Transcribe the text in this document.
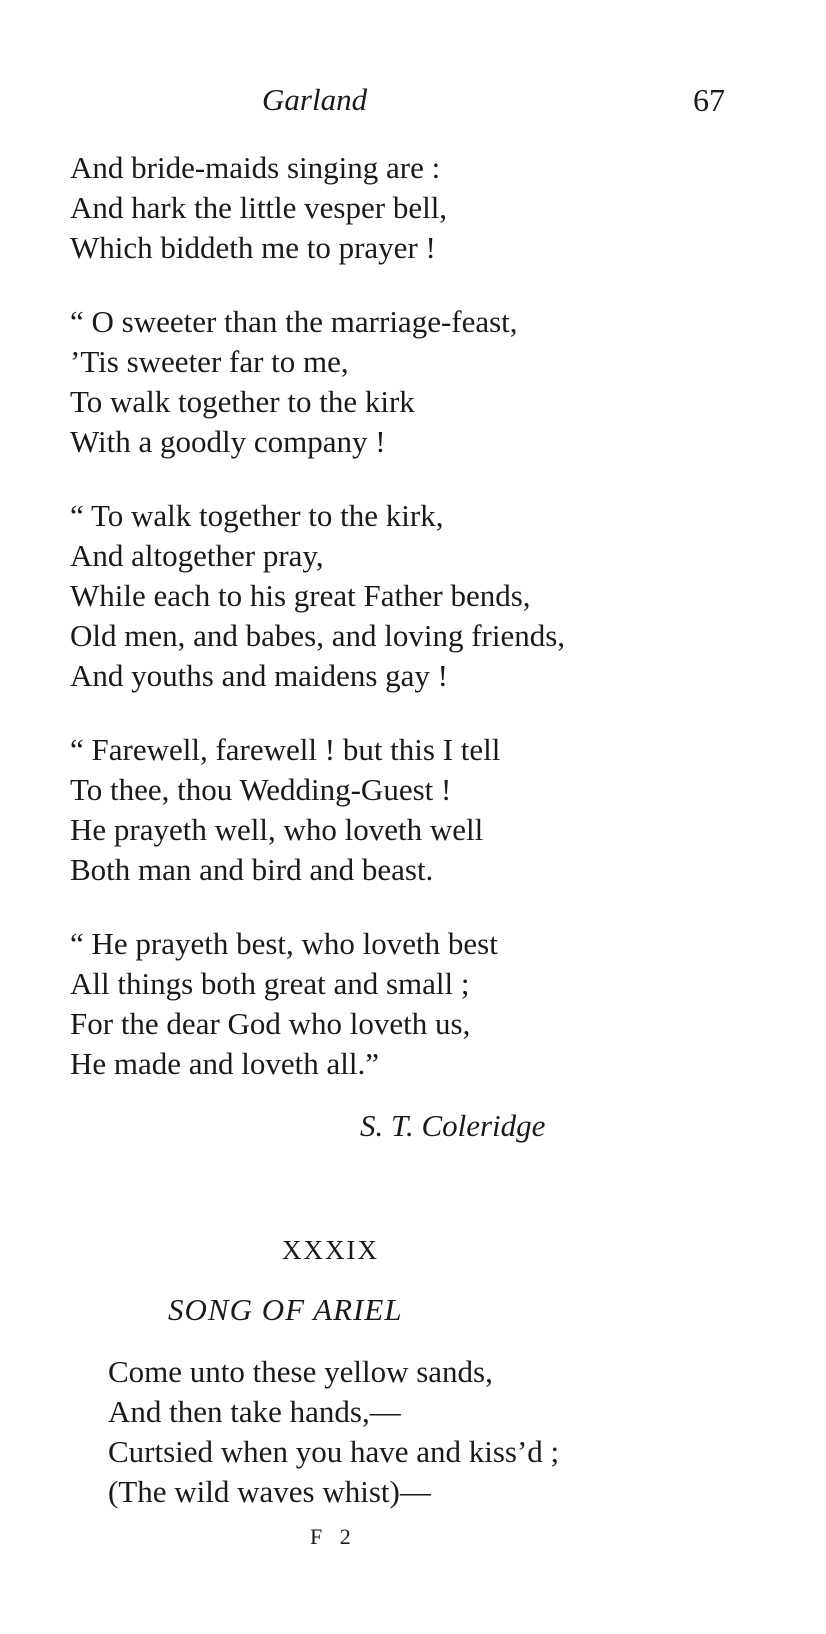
Garland	67
And bride-maids singing are :
And hark the little vesper bell,
Which biddeth me to prayer !
“ O sweeter than the marriage-feast,
’Tis sweeter far to me,
To walk together to the kirk
With a goodly company !
“ To walk together to the kirk,
And altogether pray,
While each to his great Father bends,
Old men, and babes, and loving friends,
And youths and maidens gay !
“ Farewell, farewell ! but this I tell
To thee, thou Wedding-Guest !
He prayeth well, who loveth well
Both man and bird and beast.
“ He prayeth best, who loveth best
All things both great and small ;
For the dear God who loveth us,
He made and loveth all.”
S. T. Coleridge
XXXIX
SONG OF ARIEL
Come unto these yellow sands,
And then take hands,—
Curtsied when you have and kiss’d ;
(The wild waves whist)—
F 2
